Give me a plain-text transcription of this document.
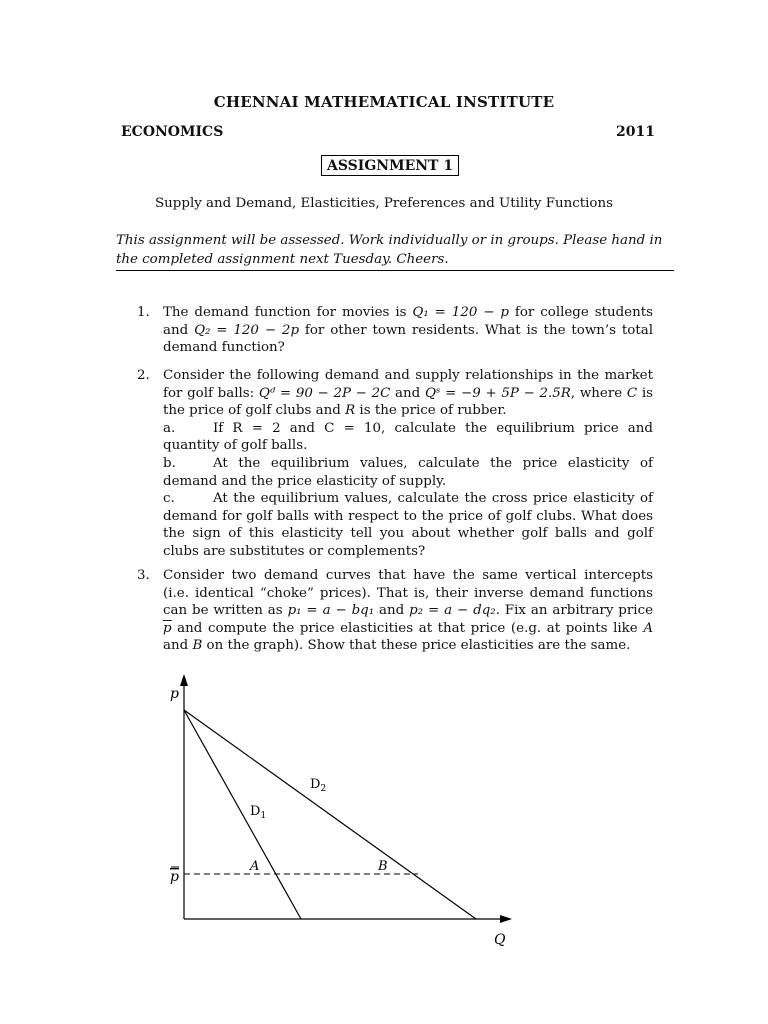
CHENNAI MATHEMATICAL INSTITUTE
ECONOMICS	2011
ASSIGNMENT 1
Supply and Demand, Elasticities, Preferences and Utility Functions
This assignment will be assessed. Work individually or in groups. Please hand in the completed assignment next Tuesday. Cheers.
1. The demand function for movies is Q₁ = 120 − p for college students and Q₂ = 120 − 2p for other town residents. What is the town’s total demand function?
2. Consider the following demand and supply relationships in the market for golf balls: Qᵈ = 90 − 2P − 2C and Qˢ = −9 + 5P − 2.5R, where C is the price of golf clubs and R is the price of rubber.
a.	If R = 2 and C = 10, calculate the equilibrium price and quantity of golf balls.
b.	At the equilibrium values, calculate the price elasticity of demand and the price elasticity of supply.
c.	At the equilibrium values, calculate the cross price elasticity of demand for golf balls with respect to the price of golf clubs. What does the sign of this elasticity tell you about whether golf balls and golf clubs are substitutes or complements?
3. Consider two demand curves that have the same vertical intercepts (i.e. identical “choke” prices). That is, their inverse demand functions can be written as p₁ = a − bq₁ and p₂ = a − dq₂. Fix an arbitrary price $\overline{p}$ and compute the price elasticities at that price (e.g. at points like A and B on the graph). Show that these price elasticities are the same.
p
Q
p
$D_1$
$D_2$
A	B
